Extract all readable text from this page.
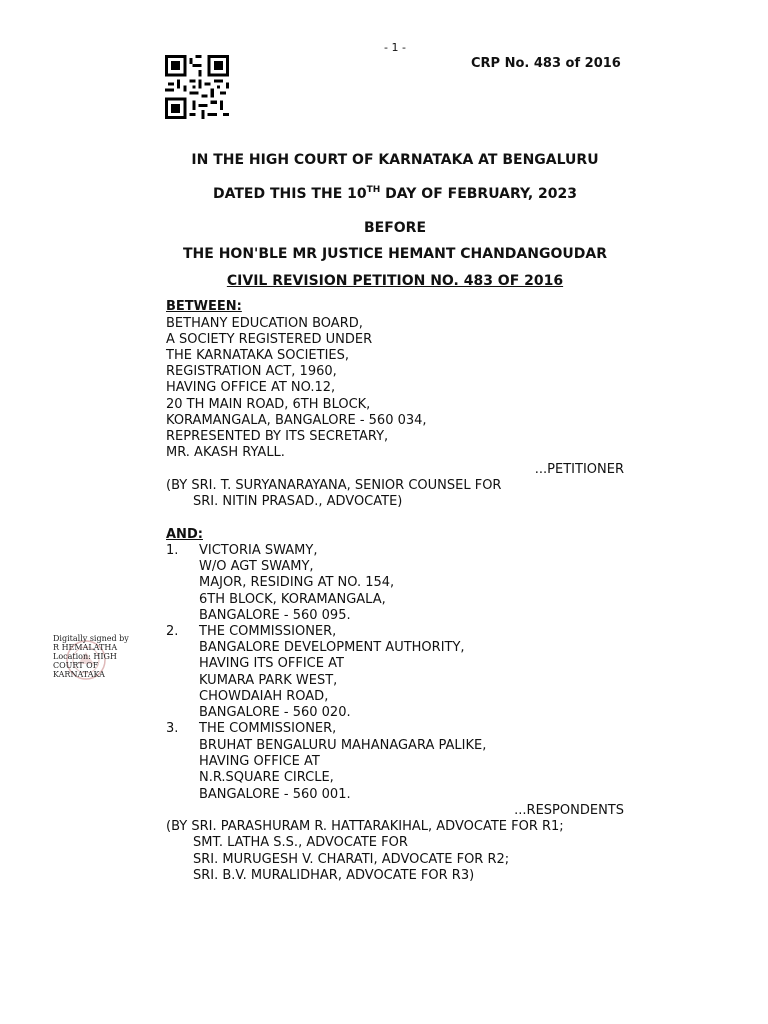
- 1 -
CRP No. 483 of 2016
IN THE HIGH COURT OF KARNATAKA AT BENGALURU
DATED THIS THE 10TH DAY OF FEBRUARY, 2023
BEFORE
THE HON'BLE MR JUSTICE HEMANT CHANDANGOUDAR
CIVIL REVISION PETITION NO. 483 OF 2016
BETWEEN:
BETHANY EDUCATION BOARD,
A SOCIETY REGISTERED UNDER
THE KARNATAKA SOCIETIES,
REGISTRATION ACT, 1960,
HAVING OFFICE AT NO.12,
20 TH MAIN ROAD, 6TH BLOCK,
KORAMANGALA, BANGALORE - 560 034,
REPRESENTED BY ITS SECRETARY,
MR. AKASH RYALL.
...PETITIONER
(BY SRI. T. SURYANARAYANA, SENIOR COUNSEL FOR
SRI. NITIN PRASAD., ADVOCATE)
AND:
1. VICTORIA SWAMY,
W/O AGT SWAMY,
MAJOR, RESIDING AT NO. 154,
6TH BLOCK, KORAMANGALA,
BANGALORE - 560 095.
2. THE COMMISSIONER,
BANGALORE DEVELOPMENT AUTHORITY,
HAVING ITS OFFICE AT
KUMARA PARK WEST,
CHOWDAIAH ROAD,
BANGALORE - 560 020.
3. THE COMMISSIONER,
BRUHAT BENGALURU MAHANAGARA PALIKE,
HAVING OFFICE AT
N.R.SQUARE CIRCLE,
BANGALORE - 560 001.
...RESPONDENTS
(BY SRI. PARASHURAM R. HATTARAKIHAL, ADVOCATE FOR R1;
SMT. LATHA S.S., ADVOCATE FOR
SRI. MURUGESH V. CHARATI, ADVOCATE FOR R2;
SRI. B.V. MURALIDHAR, ADVOCATE FOR R3)
Digitally signed by
R HEMALATHA
Location: HIGH
COURT OF
KARNATAKA
